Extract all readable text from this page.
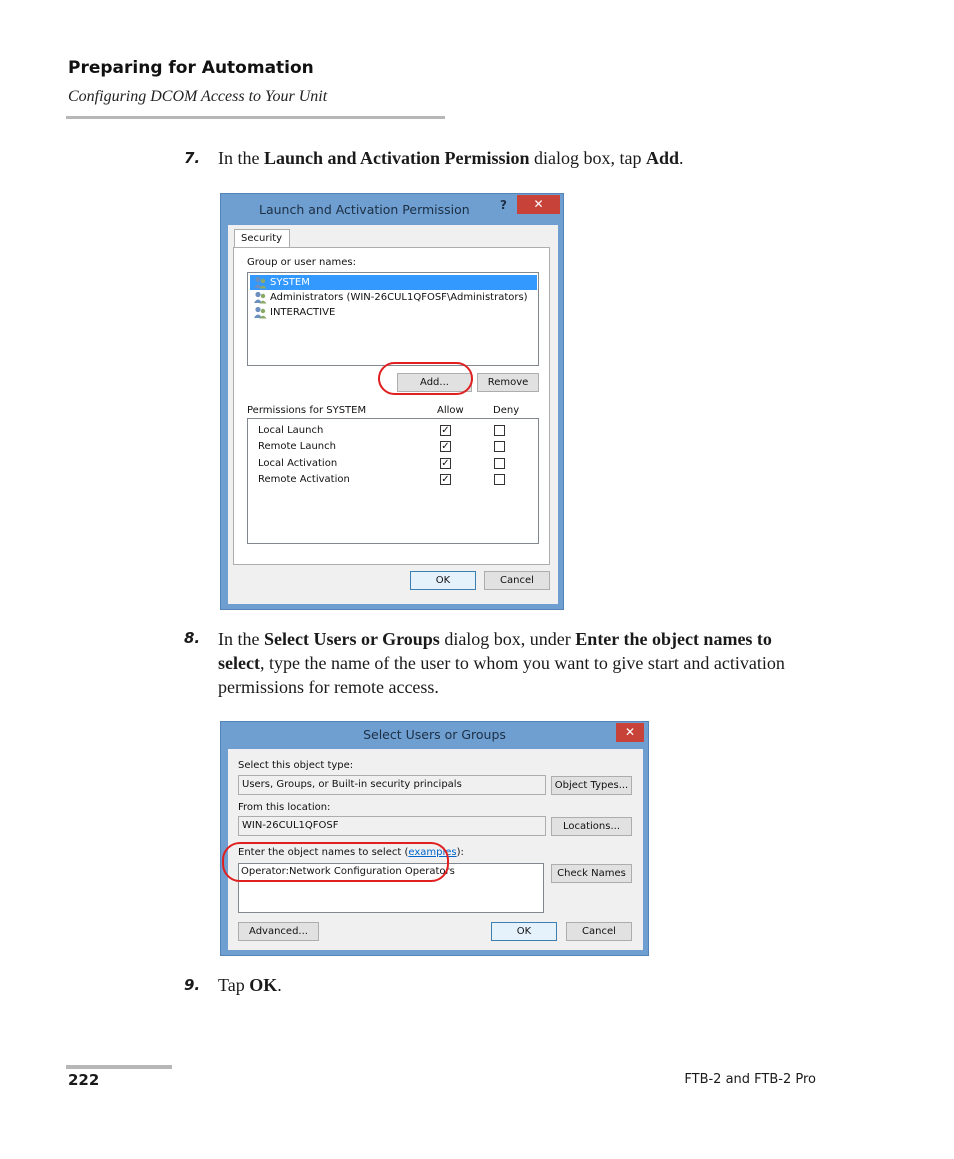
Preparing for Automation
Configuring DCOM Access to Your Unit
7. In the Launch and Activation Permission dialog box, tap Add.
Launch and Activation Permission	?	✕
Security
Group or user names:
SYSTEM
Administrators (WIN-26CUL1QFOSF\Administrators)
INTERACTIVE
Add...	Remove
Permissions for SYSTEM	Allow	Deny
Local Launch	✓
Remote Launch	✓
Local Activation	✓
Remote Activation	✓
OK	Cancel
8. In the Select Users or Groups dialog box, under Enter the object names to select, type the name of the user to whom you want to give start and activation permissions for remote access.
Select Users or Groups	✕
Select this object type:
Users, Groups, or Built-in security principals	Object Types...
From this location:
WIN-26CUL1QFOSF	Locations...
Enter the object names to select (examples):
Operator:Network Configuration Operators	Check Names
Advanced...	OK	Cancel
9. Tap OK.
222	FTB-2 and FTB-2 Pro
